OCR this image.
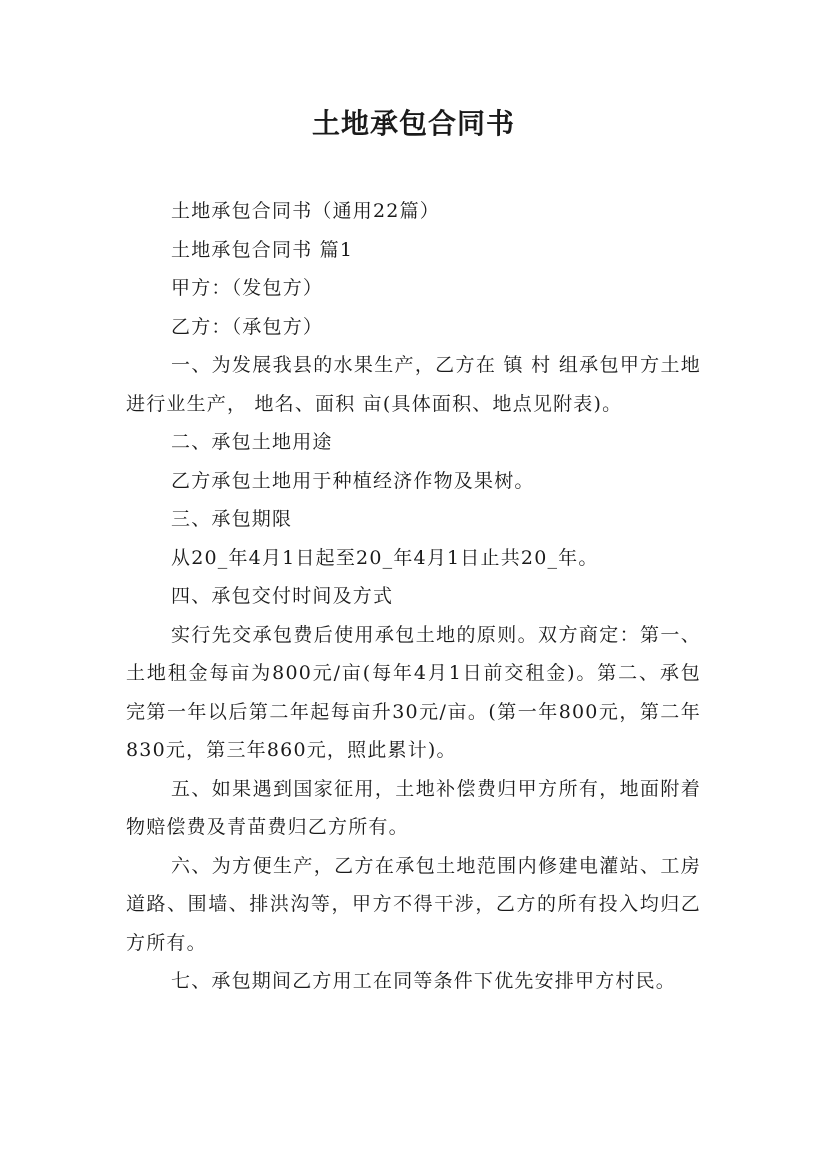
土地承包合同书

土地承包合同书（通用22篇）

土地承包合同书 篇1

甲方：（发包方）

乙方：（承包方）

一、为发展我县的水果生产，乙方在 镇 村 组承包甲方土地进行业生产， 地名、面积 亩(具体面积、地点见附表)。

二、承包土地用途

乙方承包土地用于种植经济作物及果树。

三、承包期限

从20_年4月1日起至20_年4月1日止共20_年。

四、承包交付时间及方式

实行先交承包费后使用承包土地的原则。双方商定：第一、土地租金每亩为800元/亩(每年4月1日前交租金)。第二、承包完第一年以后第二年起每亩升30元/亩。(第一年800元，第二年830元，第三年860元，照此累计)。

五、如果遇到国家征用，土地补偿费归甲方所有，地面附着物赔偿费及青苗费归乙方所有。

六、为方便生产，乙方在承包土地范围内修建电灌站、工房道路、围墙、排洪沟等，甲方不得干涉，乙方的所有投入均归乙方所有。

七、承包期间乙方用工在同等条件下优先安排甲方村民。
